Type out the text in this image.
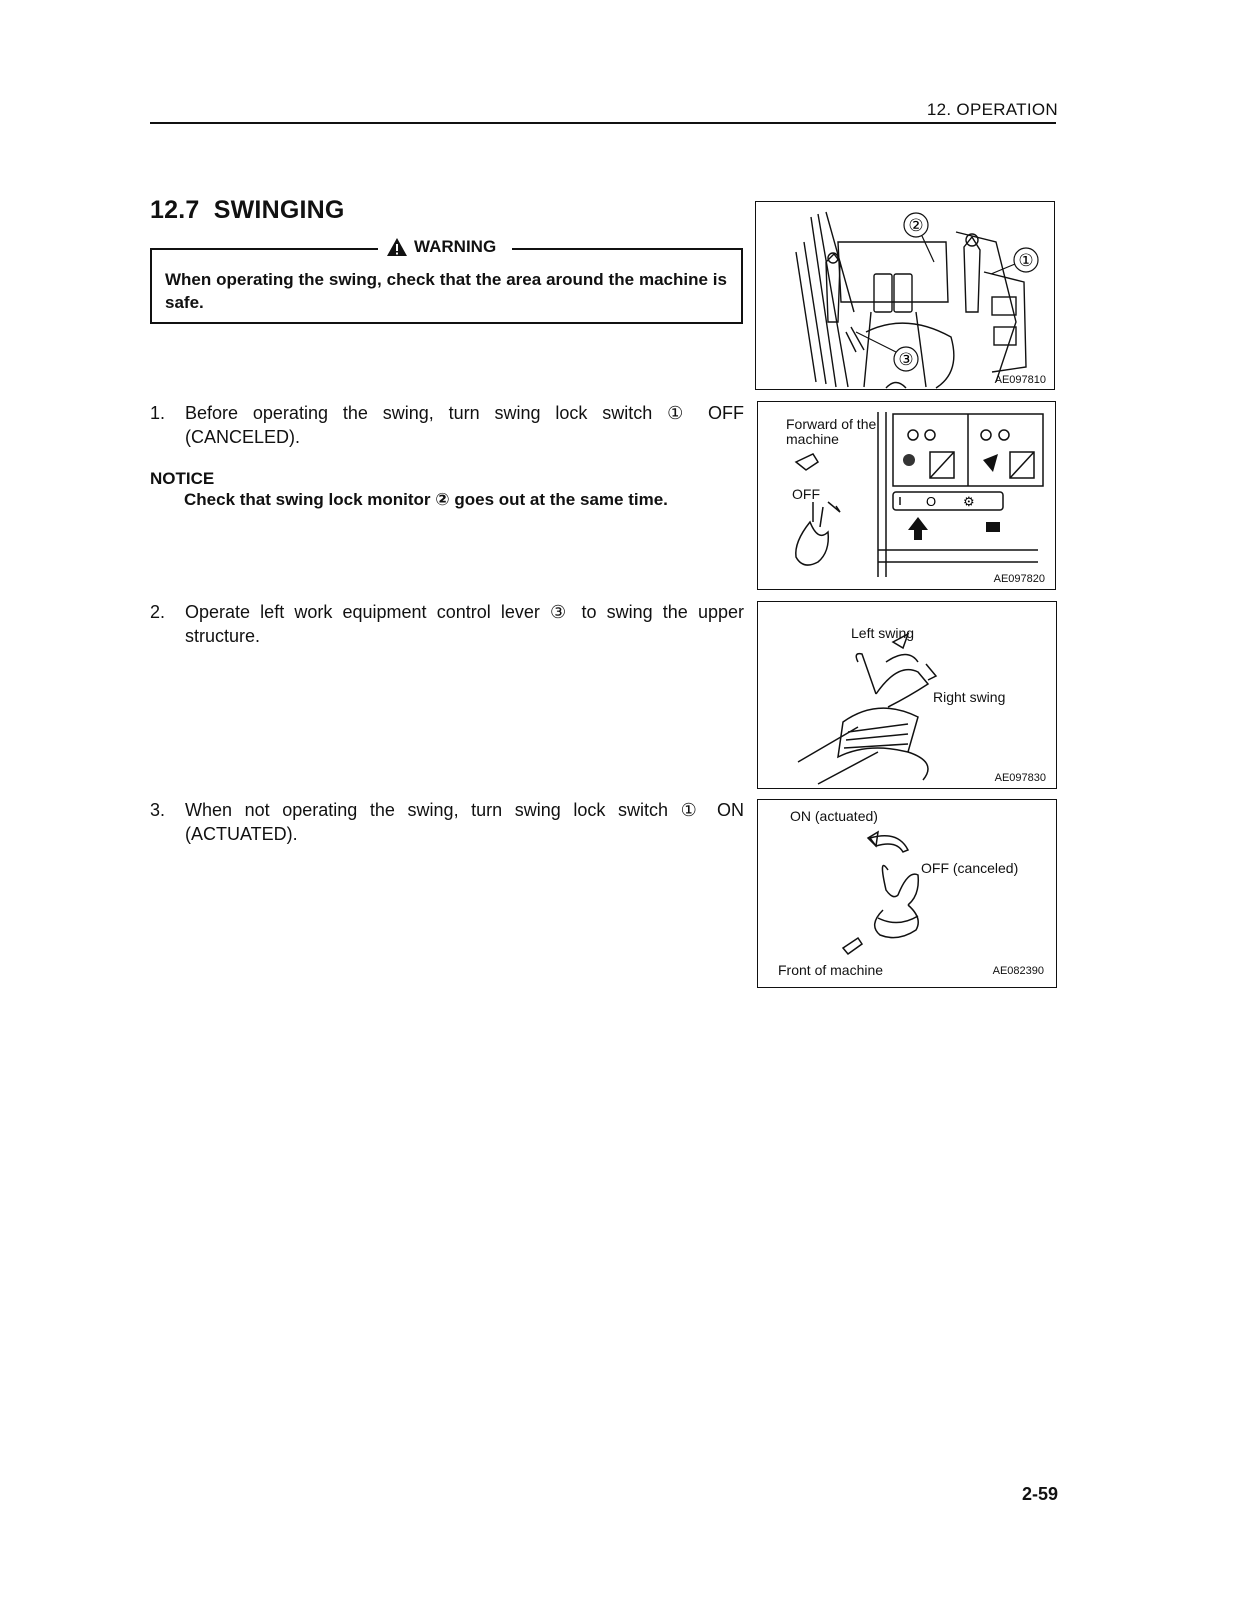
12. OPERATION
12.7 SWINGING
WARNING
When operating the swing, check that the area around the machine is safe.
1. Before operating the swing, turn swing lock switch ① OFF (CANCELED).
NOTICE
Check that swing lock monitor ② goes out at the same time.
2. Operate left work equipment control lever ③ to swing the upper structure.
3. When not operating the swing, turn swing lock switch ① ON (ACTUATED).
②
①
③
AE097810
O ⚙
Forward of the machine
OFF
AE097820
Left swing
Right swing
AE097830
ON (actuated)
OFF (canceled)
Front of machine	AE082390
2-59
